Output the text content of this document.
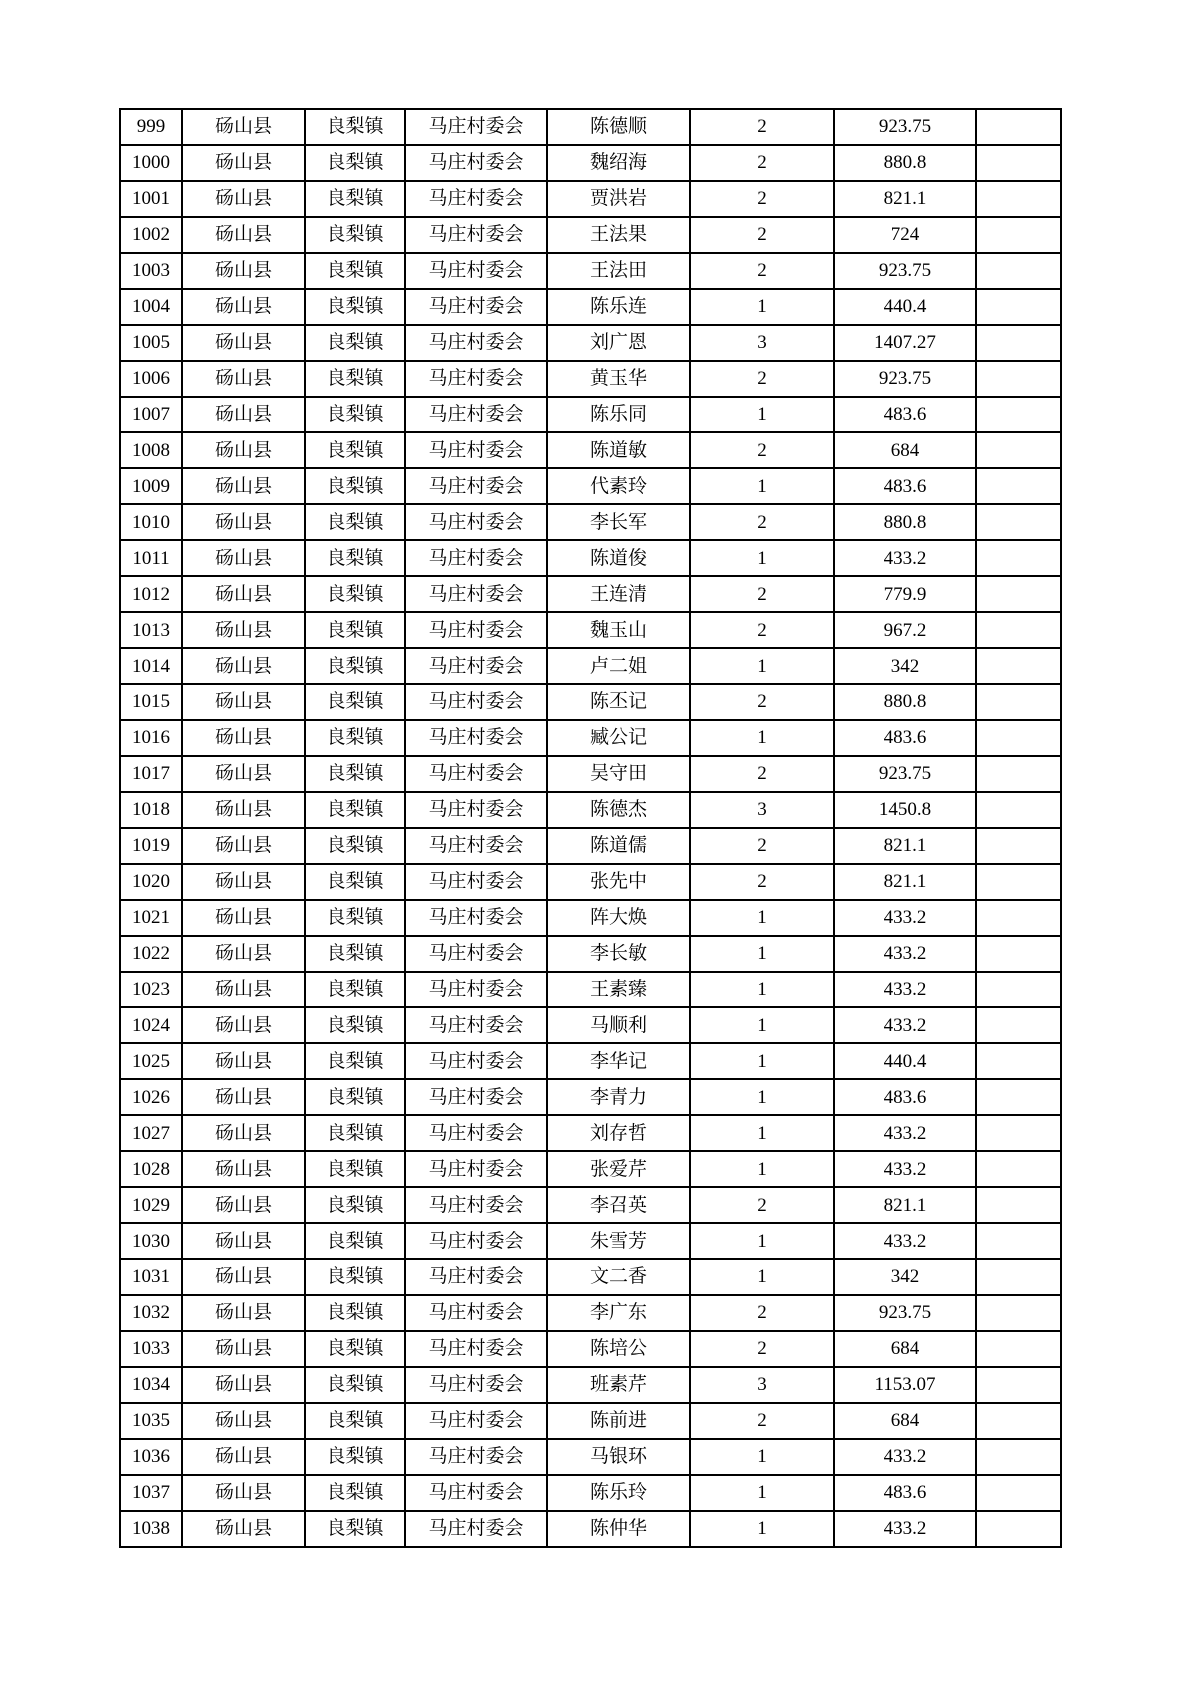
999	砀山县	良梨镇	马庄村委会	陈德顺	2	923.75	
1000	砀山县	良梨镇	马庄村委会	魏绍海	2	880.8	
1001	砀山县	良梨镇	马庄村委会	贾洪岩	2	821.1	
1002	砀山县	良梨镇	马庄村委会	王法果	2	724	
1003	砀山县	良梨镇	马庄村委会	王法田	2	923.75	
1004	砀山县	良梨镇	马庄村委会	陈乐连	1	440.4	
1005	砀山县	良梨镇	马庄村委会	刘广恩	3	1407.27	
1006	砀山县	良梨镇	马庄村委会	黄玉华	2	923.75	
1007	砀山县	良梨镇	马庄村委会	陈乐同	1	483.6	
1008	砀山县	良梨镇	马庄村委会	陈道敏	2	684	
1009	砀山县	良梨镇	马庄村委会	代素玲	1	483.6	
1010	砀山县	良梨镇	马庄村委会	李长军	2	880.8	
1011	砀山县	良梨镇	马庄村委会	陈道俊	1	433.2	
1012	砀山县	良梨镇	马庄村委会	王连清	2	779.9	
1013	砀山县	良梨镇	马庄村委会	魏玉山	2	967.2	
1014	砀山县	良梨镇	马庄村委会	卢二姐	1	342	
1015	砀山县	良梨镇	马庄村委会	陈丕记	2	880.8	
1016	砀山县	良梨镇	马庄村委会	臧公记	1	483.6	
1017	砀山县	良梨镇	马庄村委会	吴守田	2	923.75	
1018	砀山县	良梨镇	马庄村委会	陈德杰	3	1450.8	
1019	砀山县	良梨镇	马庄村委会	陈道儒	2	821.1	
1020	砀山县	良梨镇	马庄村委会	张先中	2	821.1	
1021	砀山县	良梨镇	马庄村委会	阵大焕	1	433.2	
1022	砀山县	良梨镇	马庄村委会	李长敏	1	433.2	
1023	砀山县	良梨镇	马庄村委会	王素臻	1	433.2	
1024	砀山县	良梨镇	马庄村委会	马顺利	1	433.2	
1025	砀山县	良梨镇	马庄村委会	李华记	1	440.4	
1026	砀山县	良梨镇	马庄村委会	李青力	1	483.6	
1027	砀山县	良梨镇	马庄村委会	刘存哲	1	433.2	
1028	砀山县	良梨镇	马庄村委会	张爱芹	1	433.2	
1029	砀山县	良梨镇	马庄村委会	李召英	2	821.1	
1030	砀山县	良梨镇	马庄村委会	朱雪芳	1	433.2	
1031	砀山县	良梨镇	马庄村委会	文二香	1	342	
1032	砀山县	良梨镇	马庄村委会	李广东	2	923.75	
1033	砀山县	良梨镇	马庄村委会	陈培公	2	684	
1034	砀山县	良梨镇	马庄村委会	班素芹	3	1153.07	
1035	砀山县	良梨镇	马庄村委会	陈前进	2	684	
1036	砀山县	良梨镇	马庄村委会	马银环	1	433.2	
1037	砀山县	良梨镇	马庄村委会	陈乐玲	1	483.6	
1038	砀山县	良梨镇	马庄村委会	陈仲华	1	433.2	
